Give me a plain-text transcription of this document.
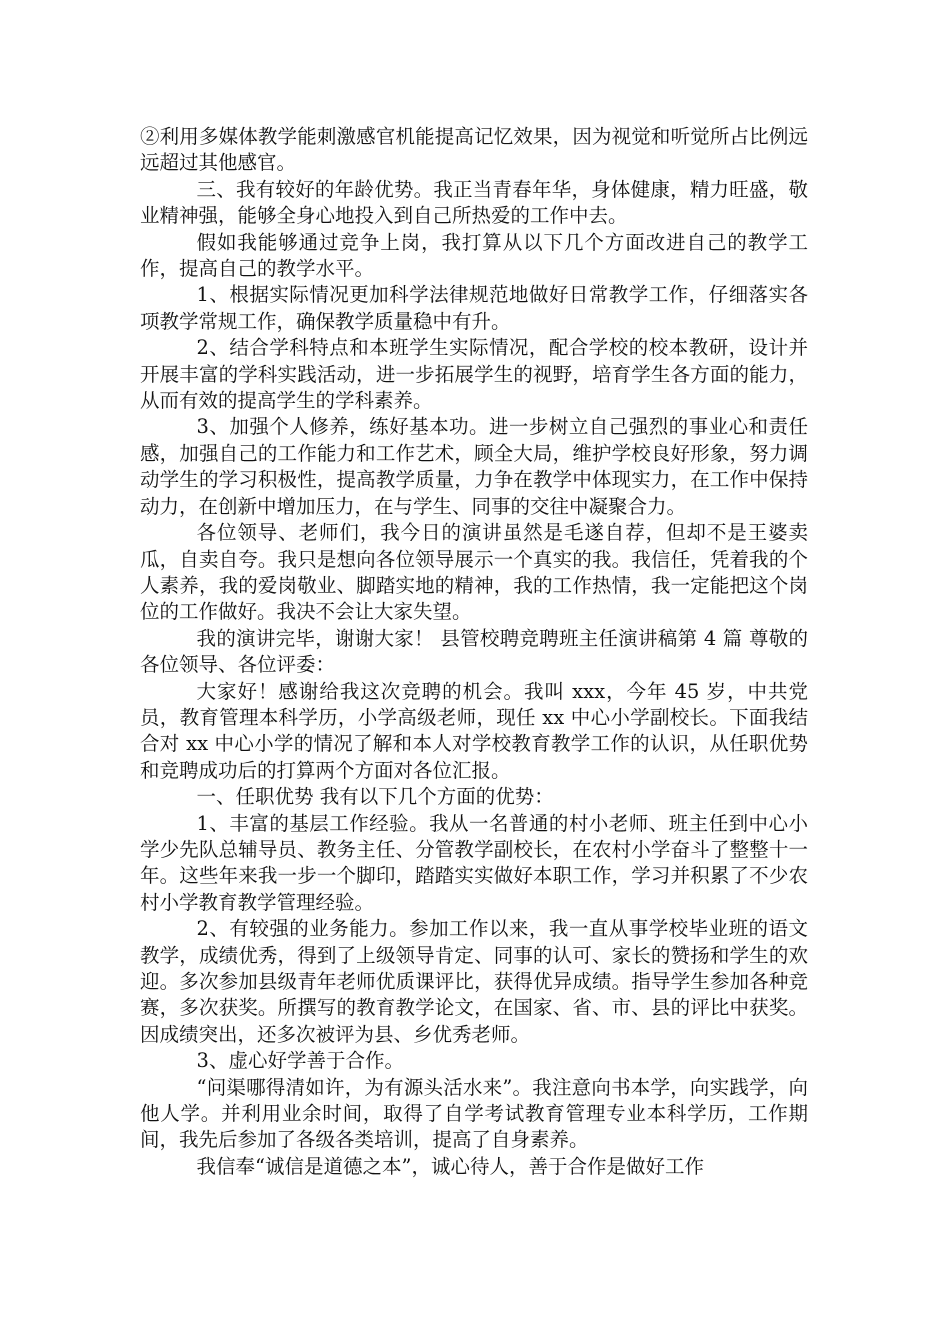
②利用多媒体教学能刺激感官机能提高记忆效果，因为视觉和听觉所占比例远远超过其他感官。

三、我有较好的年龄优势。我正当青春年华，身体健康，精力旺盛，敬业精神强，能够全身心地投入到自己所热爱的工作中去。

假如我能够通过竞争上岗，我打算从以下几个方面改进自己的教学工作，提高自己的教学水平。

1、根据实际情况更加科学法律规范地做好日常教学工作，仔细落实各项教学常规工作，确保教学质量稳中有升。

2、结合学科特点和本班学生实际情况，配合学校的校本教研，设计并开展丰富的学科实践活动，进一步拓展学生的视野，培育学生各方面的能力，从而有效的提高学生的学科素养。

3、加强个人修养，练好基本功。进一步树立自己强烈的事业心和责任感，加强自己的工作能力和工作艺术，顾全大局，维护学校良好形象，努力调动学生的学习积极性，提高教学质量，力争在教学中体现实力，在工作中保持动力，在创新中增加压力，在与学生、同事的交往中凝聚合力。

各位领导、老师们，我今日的演讲虽然是毛遂自荐，但却不是王婆卖瓜，自卖自夸。我只是想向各位领导展示一个真实的我。我信任，凭着我的个人素养，我的爱岗敬业、脚踏实地的精神，我的工作热情，我一定能把这个岗位的工作做好。我决不会让大家失望。

我的演讲完毕，谢谢大家！ 县管校聘竞聘班主任演讲稿第 4 篇 尊敬的各位领导、各位评委：

大家好！感谢给我这次竞聘的机会。我叫 xxx，今年 45 岁，中共党员，教育管理本科学历，小学高级老师，现任 xx 中心小学副校长。下面我结合对 xx 中心小学的情况了解和本人对学校教育教学工作的认识，从任职优势和竞聘成功后的打算两个方面对各位汇报。

一、任职优势 我有以下几个方面的优势：

1、丰富的基层工作经验。我从一名普通的村小老师、班主任到中心小学少先队总辅导员、教务主任、分管教学副校长，在农村小学奋斗了整整十一年。这些年来我一步一个脚印，踏踏实实做好本职工作，学习并积累了不少农村小学教育教学管理经验。

2、有较强的业务能力。参加工作以来，我一直从事学校毕业班的语文教学，成绩优秀，得到了上级领导肯定、同事的认可、家长的赞扬和学生的欢迎。多次参加县级青年老师优质课评比，获得优异成绩。指导学生参加各种竞赛，多次获奖。所撰写的教育教学论文，在国家、省、市、县的评比中获奖。因成绩突出，还多次被评为县、乡优秀老师。

3、虚心好学善于合作。

“问渠哪得清如许，为有源头活水来”。我注意向书本学，向实践学，向他人学。并利用业余时间，取得了自学考试教育管理专业本科学历，工作期间，我先后参加了各级各类培训，提高了自身素养。

我信奉“诚信是道德之本”，诚心待人，善于合作是做好工作
